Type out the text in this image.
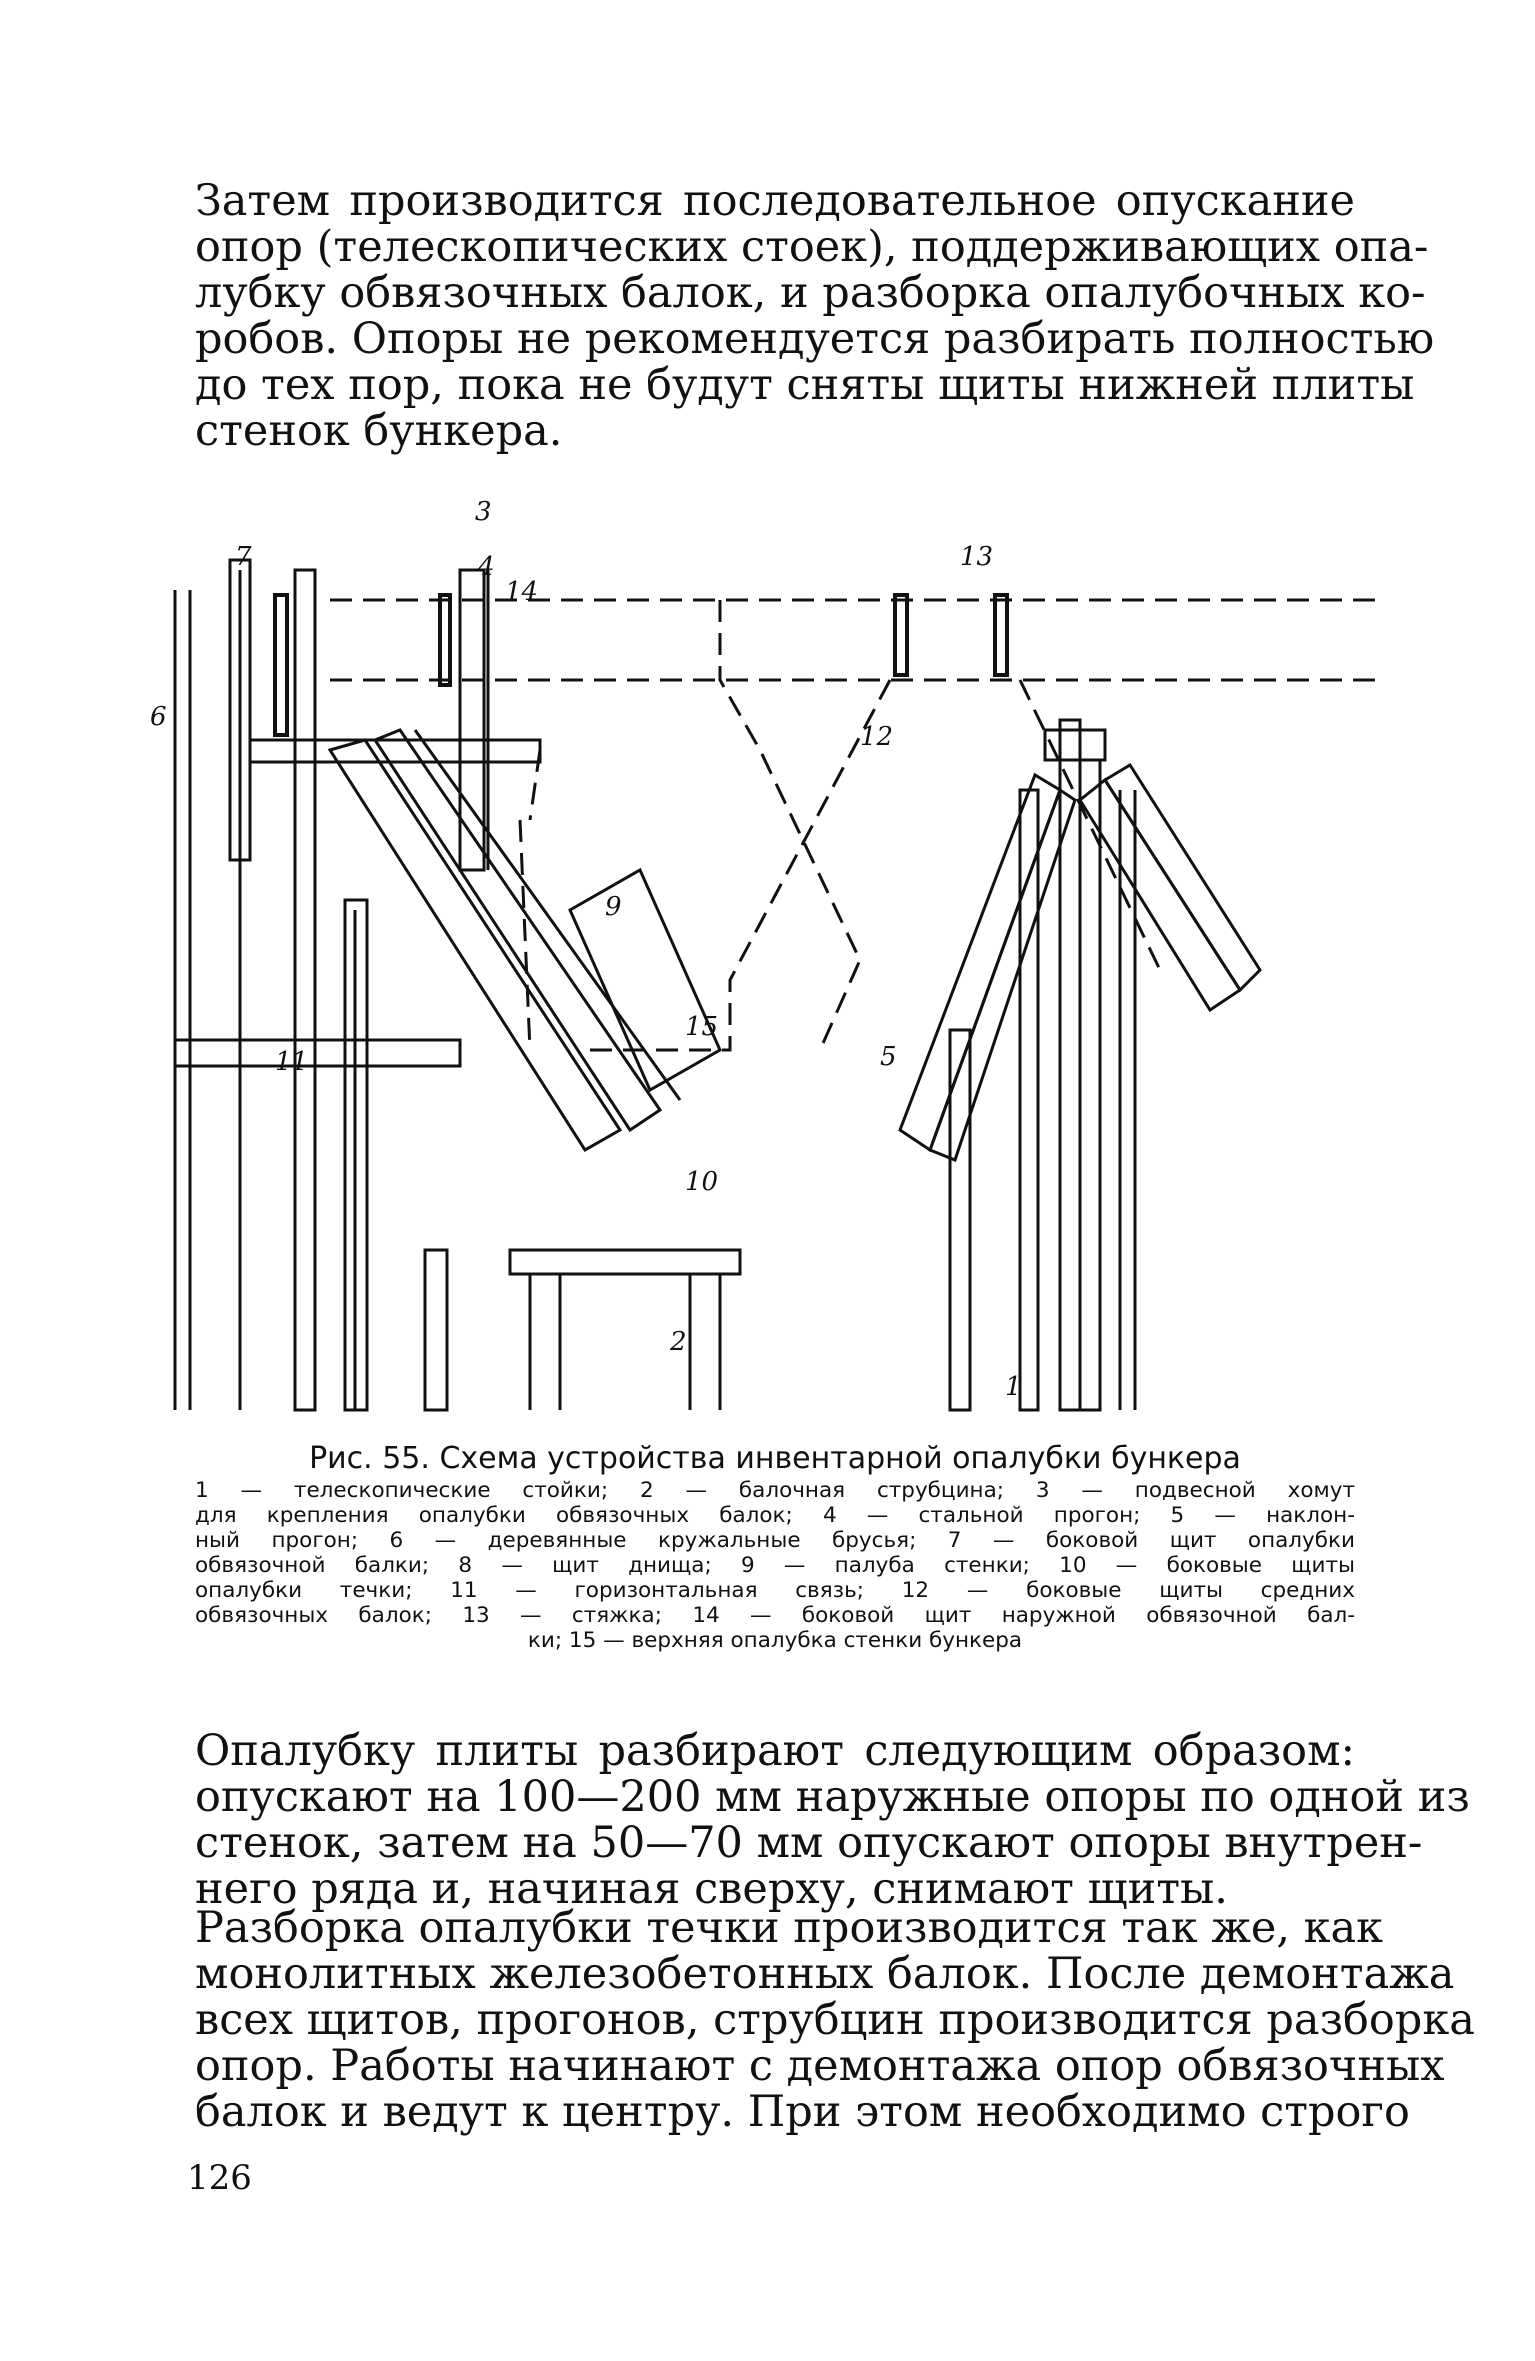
Затем производится последовательное опускание
опор (телескопических стоек), поддерживающих опа-
лубку обвязочных балок, и разборка опалубочных ко-
робов. Опоры не рекомендуется разбирать полностью
до тех пор, пока не будут сняты щиты нижней плиты
стенок бункера.

1
2
3
4
5
6
7
9
10
11
12
13
14
15
Рис. 55. Схема устройства инвентарной опалубки бункера
1 — телескопические стойки; 2 — балочная струбцина; 3 — подвесной хомут
для крепления опалубки обвязочных балок; 4 — стальной прогон; 5 — наклон-
ный прогон; 6 — деревянные кружальные брусья; 7 — боковой щит опалубки
обвязочной балки; 8 — щит днища; 9 — палуба стенки; 10 — боковые щиты
опалубки течки; 11 — горизонтальная связь; 12 — боковые щиты средних
обвязочных балок; 13 — стяжка; 14 — боковой щит наружной обвязочной бал-
ки; 15 — верхняя опалубка стенки бункера

Опалубку плиты разбирают следующим образом:
опускают на 100—200 мм наружные опоры по одной из
стенок, затем на 50—70 мм опускают опоры внутрен-
него ряда и, начиная сверху, снимают щиты.

Разборка опалубки течки производится так же, как
монолитных железобетонных балок. После демонтажа
всех щитов, прогонов, струбцин производится разборка
опор. Работы начинают с демонтажа опор обвязочных
балок и ведут к центру. При этом необходимо строго

126
